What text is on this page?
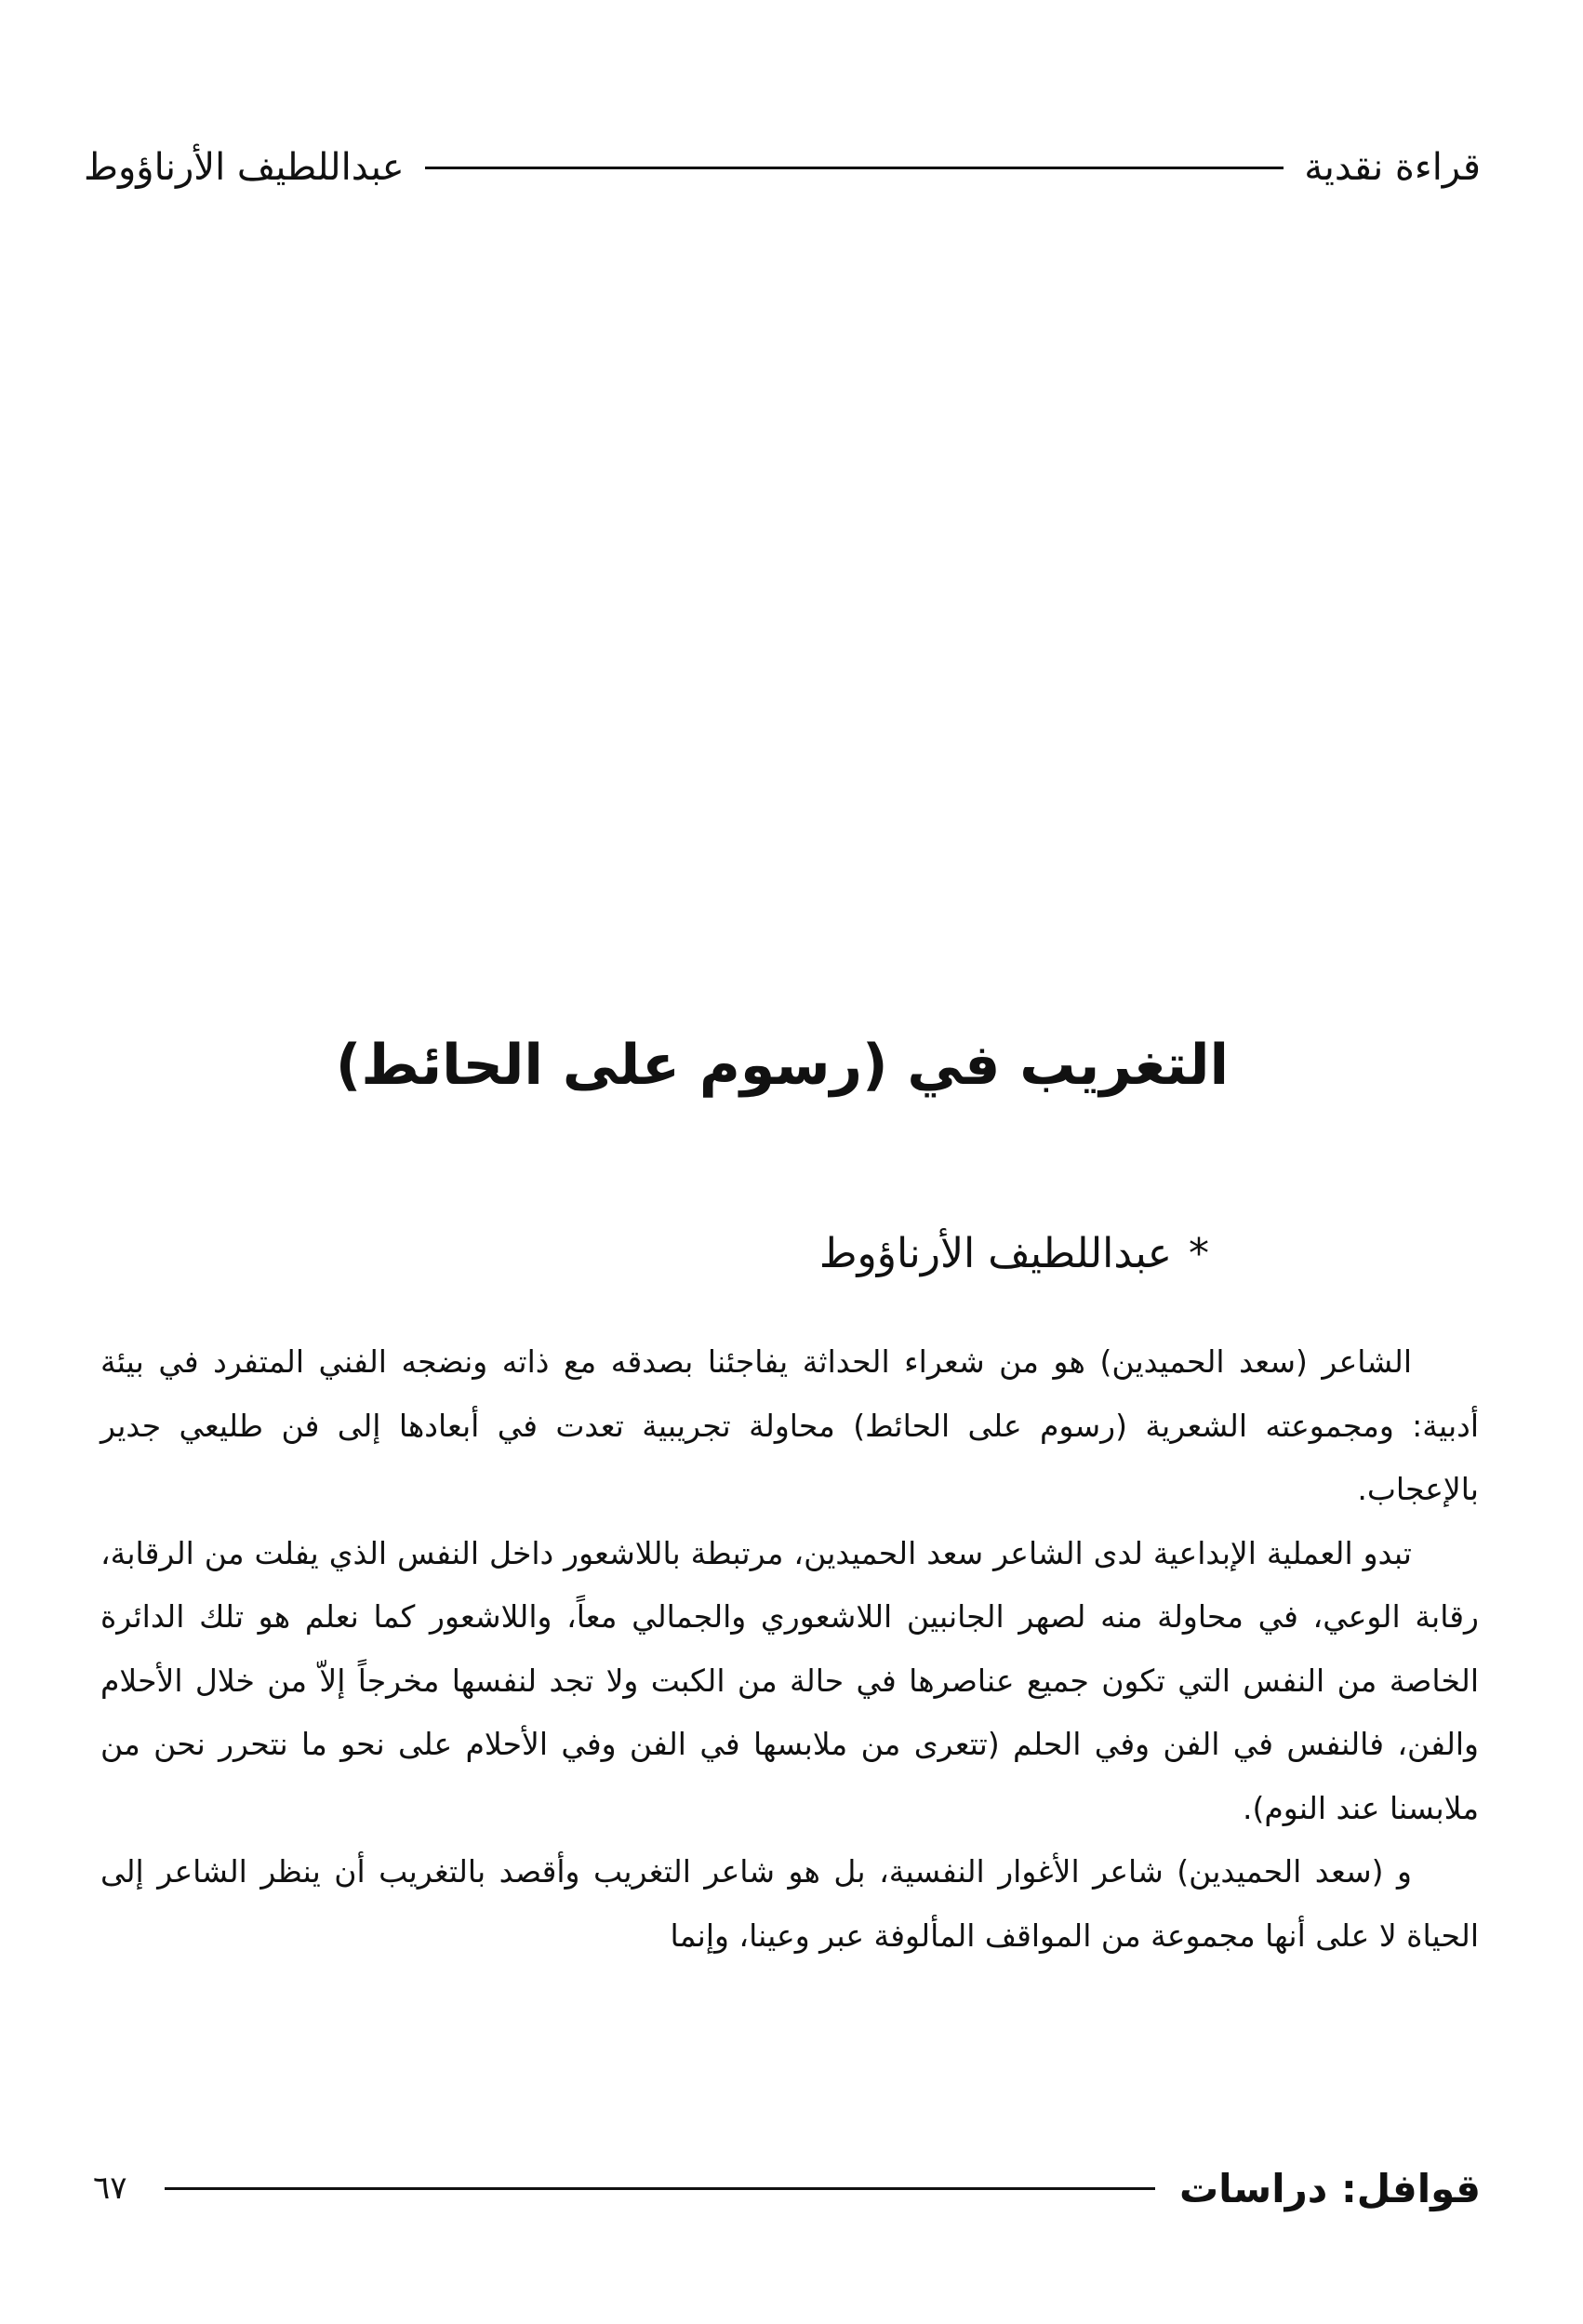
قراءة نقدية
عبداللطيف الأرناؤوط
التغريب في (رسوم على الحائط)
*عبداللطيف الأرناؤوط

الشاعر (سعد الحميدين) هو من شعراء الحداثة يفاجئنا بصدقه مع ذاته ونضجه الفني المتفرد في بيئة أدبية: ومجموعته الشعرية (رسوم على الحائط) محاولة تجريبية تعدت في أبعادها إلى فن طليعي جدير بالإعجاب.

تبدو العملية الإبداعية لدى الشاعر سعد الحميدين، مرتبطة باللاشعور داخل النفس الذي يفلت من الرقابة، رقابة الوعي، في محاولة منه لصهر الجانبين اللاشعوري والجمالي معاً، واللاشعور كما نعلم هو تلك الدائرة الخاصة من النفس التي تكون جميع عناصرها في حالة من الكبت ولا تجد لنفسها مخرجاً إلاّ من خلال الأحلام والفن، فالنفس في الفن وفي الحلم (تتعرى من ملابسها في الفن وفي الأحلام على نحو ما نتحرر نحن من ملابسنا عند النوم).

و (سعد الحميدين) شاعر الأغوار النفسية، بل هو شاعر التغريب وأقصد بالتغريب أن ينظر الشاعر إلى الحياة لا على أنها مجموعة من المواقف المألوفة عبر وعينا، وإنما

قوافل: دراسات
٦٧
